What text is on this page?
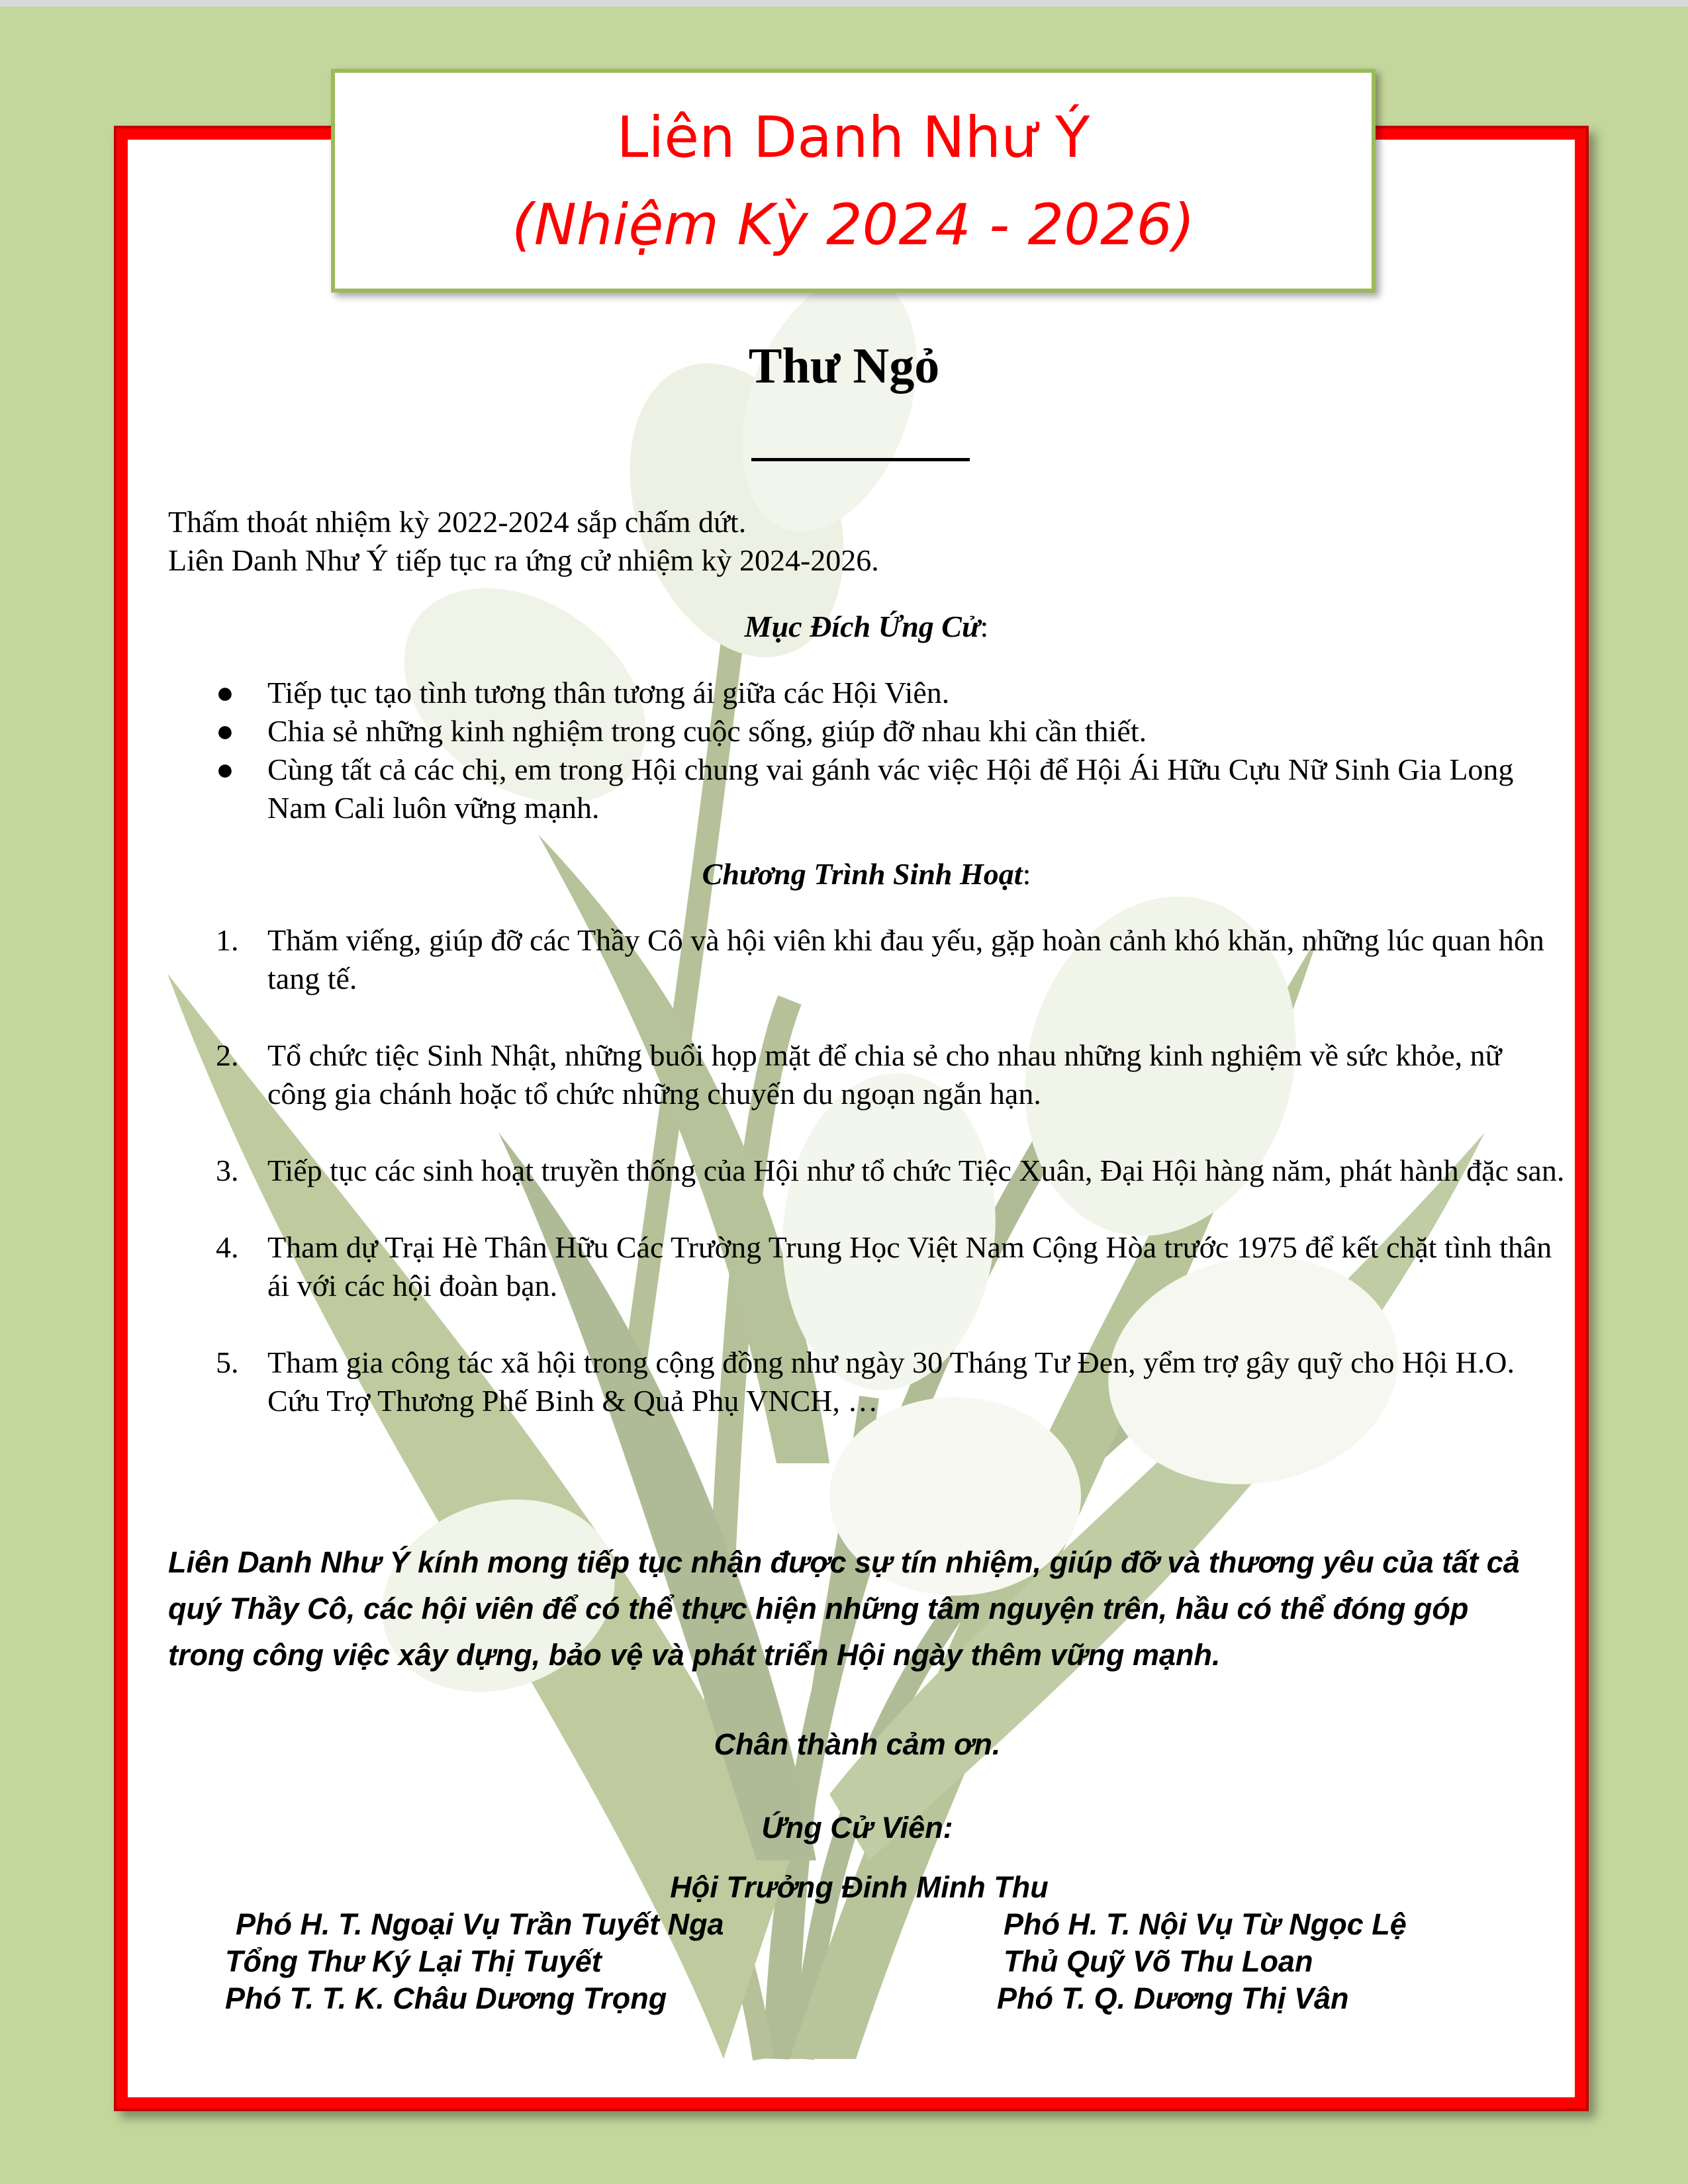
Liên Danh Như Ý
(Nhiệm Kỳ 2024 - 2026)
Thư Ngỏ
Thấm thoát nhiệm kỳ 2022-2024 sắp chấm dứt.
Liên Danh Như Ý tiếp tục ra ứng cử nhiệm kỳ 2024-2026.
Mục Đích Ứng Cử:
● Tiếp tục tạo tình tương thân tương ái giữa các Hội Viên.
● Chia sẻ những kinh nghiệm trong cuộc sống, giúp đỡ nhau khi cần thiết.
● Cùng tất cả các chị, em trong Hội chung vai gánh vác việc Hội để Hội Ái Hữu Cựu Nữ Sinh Gia Long Nam Cali luôn vững mạnh.
Chương Trình Sinh Hoạt:
1. Thăm viếng, giúp đỡ các Thầy Cô và hội viên khi đau yếu, gặp hoàn cảnh khó khăn, những lúc quan hôn tang tế.
2. Tổ chức tiệc Sinh Nhật, những buổi họp mặt để chia sẻ cho nhau những kinh nghiệm về sức khỏe, nữ công gia chánh hoặc tổ chức những chuyến du ngoạn ngắn hạn.
3. Tiếp tục các sinh hoạt truyền thống của Hội như tổ chức Tiệc Xuân, Đại Hội hàng năm, phát hành đặc san.
4. Tham dự Trại Hè Thân Hữu Các Trường Trung Học Việt Nam Cộng Hòa trước 1975 để kết chặt tình thân ái với các hội đoàn bạn.
5. Tham gia công tác xã hội trong cộng đồng như ngày 30 Tháng Tư Đen, yểm trợ gây quỹ cho Hội H.O. Cứu Trợ Thương Phế Binh & Quả Phụ VNCH, …
Liên Danh Như Ý kính mong tiếp tục nhận được sự tín nhiệm, giúp đỡ và thương yêu của tất cả quý Thầy Cô, các hội viên để có thể thực hiện những tâm nguyện trên, hầu có thể đóng góp trong công việc xây dựng, bảo vệ và phát triển Hội ngày thêm vững mạnh.
Chân thành cảm ơn.
Ứng Cử Viên:
Hội Trưởng Đinh Minh Thu
Phó H. T. Ngoại Vụ Trần Tuyết Nga
Tổng Thư Ký Lại Thị Tuyết
Phó T. T. K. Châu Dương Trọng
Phó H. T. Nội Vụ Từ Ngọc Lệ
Thủ Quỹ Võ Thu Loan
Phó T. Q. Dương Thị Vân
